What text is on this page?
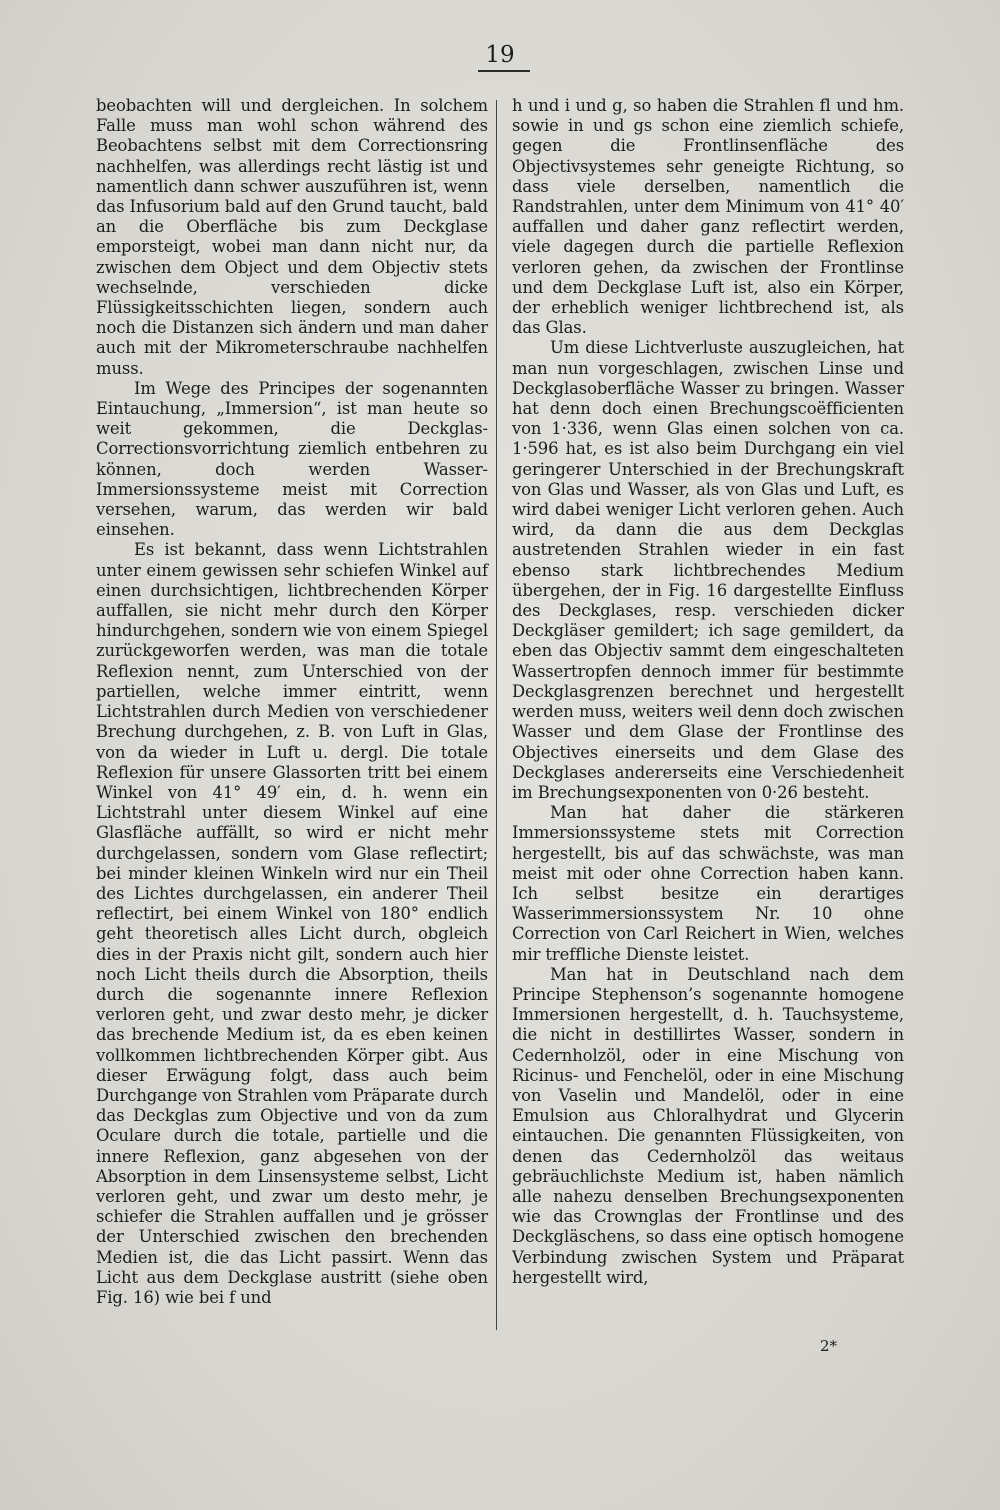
19

beobachten will und dergleichen. In solchem Falle muss man wohl schon während des Beobachtens selbst mit dem Correctionsring nachhelfen, was allerdings recht lästig ist und namentlich dann schwer auszuführen ist, wenn das Infusorium bald auf den Grund taucht, bald an die Oberfläche bis zum Deckglase emporsteigt, wobei man dann nicht nur, da zwischen dem Object und dem Objectiv stets wechselnde, verschieden dicke Flüssigkeitsschichten liegen, sondern auch noch die Distanzen sich ändern und man daher auch mit der Mikrometerschraube nachhelfen muss.

Im Wege des Principes der sogenannten Eintauchung, „Immersion“, ist man heute so weit gekommen, die Deckglas-Correctionsvorrichtung ziemlich entbehren zu können, doch werden Wasser-Immersionssysteme meist mit Correction versehen, warum, das werden wir bald einsehen.

Es ist bekannt, dass wenn Lichtstrahlen unter einem gewissen sehr schiefen Winkel auf einen durchsichtigen, lichtbrechenden Körper auffallen, sie nicht mehr durch den Körper hindurchgehen, sondern wie von einem Spiegel zurückgeworfen werden, was man die totale Reflexion nennt, zum Unterschied von der partiellen, welche immer eintritt, wenn Lichtstrahlen durch Medien von verschiedener Brechung durchgehen, z. B. von Luft in Glas, von da wieder in Luft u. dergl. Die totale Reflexion für unsere Glassorten tritt bei einem Winkel von 41° 49′ ein, d. h. wenn ein Lichtstrahl unter diesem Winkel auf eine Glasfläche auffällt, so wird er nicht mehr durchgelassen, sondern vom Glase reflectirt; bei minder kleinen Winkeln wird nur ein Theil des Lichtes durchgelassen, ein anderer Theil reflectirt, bei einem Winkel von 180° endlich geht theoretisch alles Licht durch, obgleich dies in der Praxis nicht gilt, sondern auch hier noch Licht theils durch die Absorption, theils durch die sogenannte innere Reflexion verloren geht, und zwar desto mehr, je dicker das brechende Medium ist, da es eben keinen vollkommen lichtbrechenden Körper gibt. Aus dieser Erwägung folgt, dass auch beim Durchgange von Strahlen vom Präparate durch das Deckglas zum Objective und von da zum Oculare durch die totale, partielle und die innere Reflexion, ganz abgesehen von der Absorption in dem Linsensysteme selbst, Licht verloren geht, und zwar um desto mehr, je schiefer die Strahlen auffallen und je grösser der Unterschied zwischen den brechenden Medien ist, die das Licht passirt. Wenn das Licht aus dem Deckglase austritt (siehe oben Fig. 16) wie bei f und

h und i und g, so haben die Strahlen fl und hm. sowie in und gs schon eine ziemlich schiefe, gegen die Frontlinsenfläche des Objectivsystemes sehr geneigte Richtung, so dass viele derselben, namentlich die Randstrahlen, unter dem Minimum von 41° 40′ auffallen und daher ganz reflectirt werden, viele dagegen durch die partielle Reflexion verloren gehen, da zwischen der Frontlinse und dem Deckglase Luft ist, also ein Körper, der erheblich weniger lichtbrechend ist, als das Glas.

Um diese Lichtverluste auszugleichen, hat man nun vorgeschlagen, zwischen Linse und Deckglasoberfläche Wasser zu bringen. Wasser hat denn doch einen Brechungscoëfficienten von 1·336, wenn Glas einen solchen von ca. 1·596 hat, es ist also beim Durchgang ein viel geringerer Unterschied in der Brechungskraft von Glas und Wasser, als von Glas und Luft, es wird dabei weniger Licht verloren gehen. Auch wird, da dann die aus dem Deckglas austretenden Strahlen wieder in ein fast ebenso stark lichtbrechendes Medium übergehen, der in Fig. 16 dargestellte Einfluss des Deckglases, resp. verschieden dicker Deckgläser gemildert; ich sage gemildert, da eben das Objectiv sammt dem eingeschalteten Wassertropfen dennoch immer für bestimmte Deckglasgrenzen berechnet und hergestellt werden muss, weiters weil denn doch zwischen Wasser und dem Glase der Frontlinse des Objectives einerseits und dem Glase des Deckglases andererseits eine Verschiedenheit im Brechungsexponenten von 0·26 besteht.

Man hat daher die stärkeren Immersionssysteme stets mit Correction hergestellt, bis auf das schwächste, was man meist mit oder ohne Correction haben kann. Ich selbst besitze ein derartiges Wasserimmersionssystem Nr. 10 ohne Correction von Carl Reichert in Wien, welches mir treffliche Dienste leistet.

Man hat in Deutschland nach dem Principe Stephenson’s sogenannte homogene Immersionen hergestellt, d. h. Tauchsysteme, die nicht in destillirtes Wasser, sondern in Cedernholzöl, oder in eine Mischung von Ricinus- und Fenchelöl, oder in eine Mischung von Vaselin und Mandelöl, oder in eine Emulsion aus Chloralhydrat und Glycerin eintauchen. Die genannten Flüssigkeiten, von denen das Cedernholzöl das weitaus gebräuchlichste Medium ist, haben nämlich alle nahezu denselben Brechungsexponenten wie das Crownglas der Frontlinse und des Deckgläschens, so dass eine optisch homogene Verbindung zwischen System und Präparat hergestellt wird,

2*
